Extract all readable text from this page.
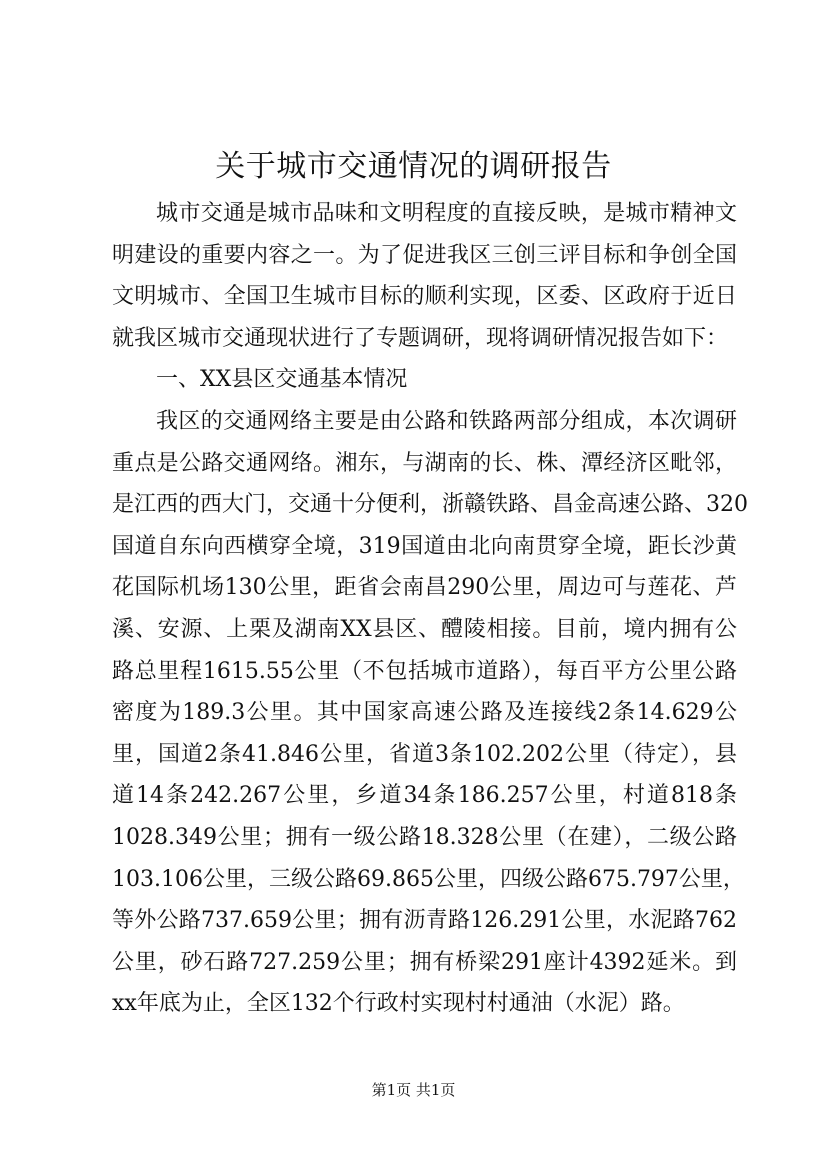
关于城市交通情况的调研报告
城市交通是城市品味和文明程度的直接反映，是城市精神文
明建设的重要内容之一。为了促进我区三创三评目标和争创全国
文明城市、全国卫生城市目标的顺利实现，区委、区政府于近日
就我区城市交通现状进行了专题调研，现将调研情况报告如下：
一、XX县区交通基本情况
我区的交通网络主要是由公路和铁路两部分组成，本次调研
重点是公路交通网络。湘东，与湖南的长、株、潭经济区毗邻，
是江西的西大门，交通十分便利，浙赣铁路、昌金高速公路、320
国道自东向西横穿全境，319国道由北向南贯穿全境，距长沙黄
花国际机场130公里，距省会南昌290公里，周边可与莲花、芦
溪、安源、上栗及湖南XX县区、醴陵相接。目前，境内拥有公
路总里程1615.55公里（不包括城市道路），每百平方公里公路
密度为189.3公里。其中国家高速公路及连接线2条14.629公
里，国道2条41.846公里，省道3条102.202公里（待定），县
道14条242.267公里，乡道34条186.257公里，村道818条
1028.349公里；拥有一级公路18.328公里（在建），二级公路
103.106公里，三级公路69.865公里，四级公路675.797公里，
等外公路737.659公里；拥有沥青路126.291公里，水泥路762
公里，砂石路727.259公里；拥有桥梁291座计4392延米。到
xx年底为止，全区132个行政村实现村村通油（水泥）路。
第1页 共1页
